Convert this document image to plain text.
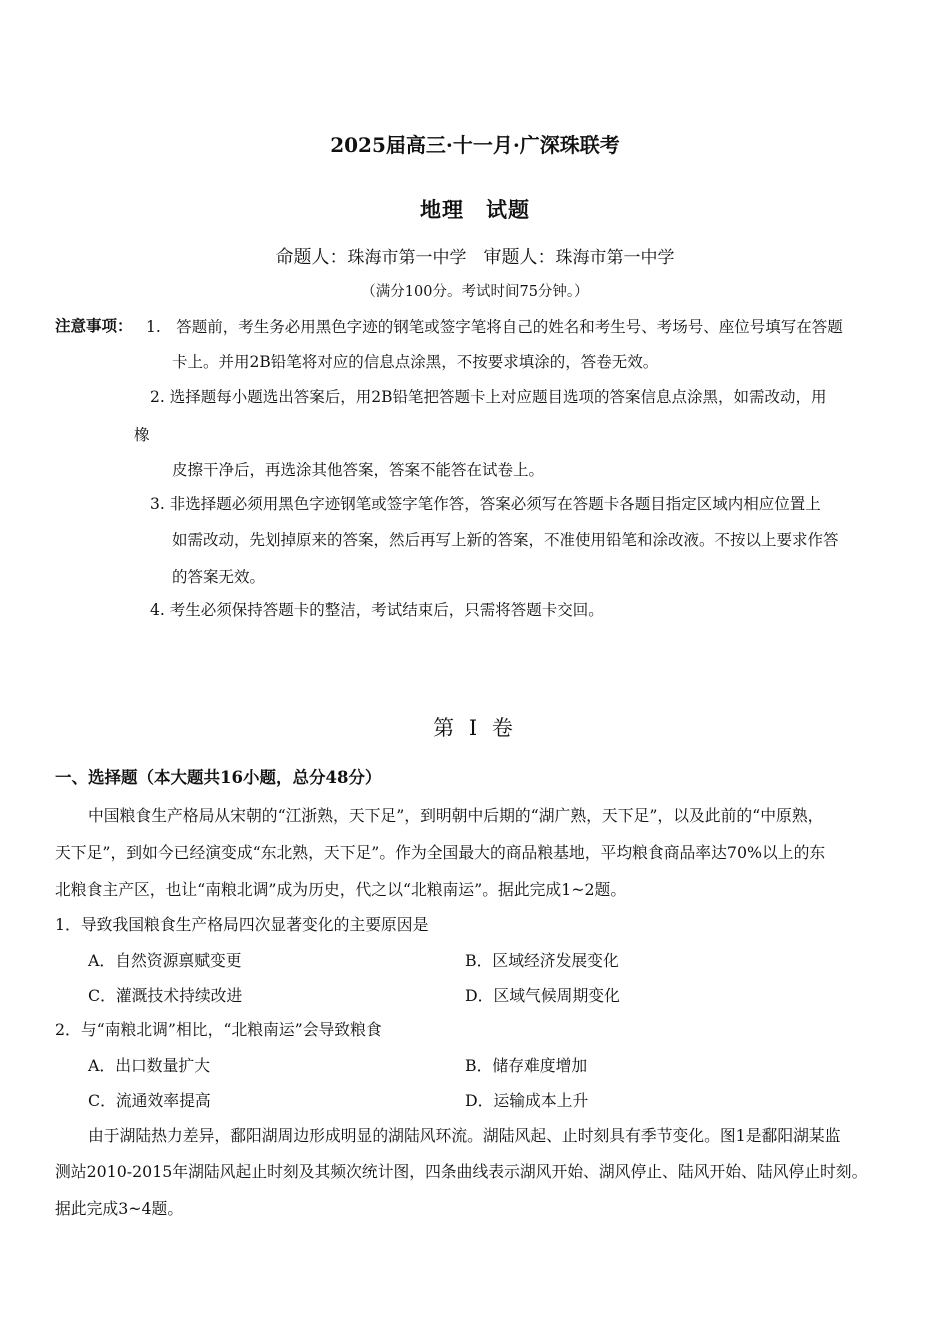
2025届高三·十一月·广深珠联考
地理　试题
命题人：珠海市第一中学　 审题人：珠海市第一中学
（满分100分。考试时间75分钟。）
注意事项： 1.　答题前，考生务必用黑色字迹的钢笔或签字笔将自己的姓名和考生号、考场号、座位号填写在答题
卡上。并用2B铅笔将对应的信息点涂黑，不按要求填涂的，答卷无效。
2. 选择题每小题选出答案后，用2B铅笔把答题卡上对应题目选项的答案信息点涂黑，如需改动，用
橡
皮擦干净后，再选涂其他答案，答案不能答在试卷上。
3. 非选择题必须用黑色字迹钢笔或签字笔作答，答案必须写在答题卡各题目指定区域内相应位置上
如需改动，先划掉原来的答案，然后再写上新的答案，不准使用铅笔和涂改液。不按以上要求作答
的答案无效。
4. 考生必须保持答题卡的整洁，考试结束后，只需将答题卡交回。
第 Ⅰ 卷
一、选择题（本大题共16小题，总分48分）
中国粮食生产格局从宋朝的“江浙熟，天下足”，到明朝中后期的“湖广熟，天下足”，以及此前的“中原熟，
天下足”，到如今已经演变成“东北熟，天下足”。作为全国最大的商品粮基地，平均粮食商品率达70%以上的东
北粮食主产区，也让“南粮北调”成为历史，代之以“北粮南运”。据此完成1~2题。
1．导致我国粮食生产格局四次显著变化的主要原因是
A．自然资源禀赋变更	B．区域经济发展变化
C．灌溉技术持续改进	D．区域气候周期变化
2．与“南粮北调”相比，“北粮南运”会导致粮食
A．出口数量扩大	B．储存难度增加
C．流通效率提高	D．运输成本上升
由于湖陆热力差异，鄱阳湖周边形成明显的湖陆风环流。湖陆风起、止时刻具有季节变化。图1是鄱阳湖某监
测站2010-2015年湖陆风起止时刻及其频次统计图，四条曲线表示湖风开始、湖风停止、陆风开始、陆风停止时刻。
据此完成3~4题。
